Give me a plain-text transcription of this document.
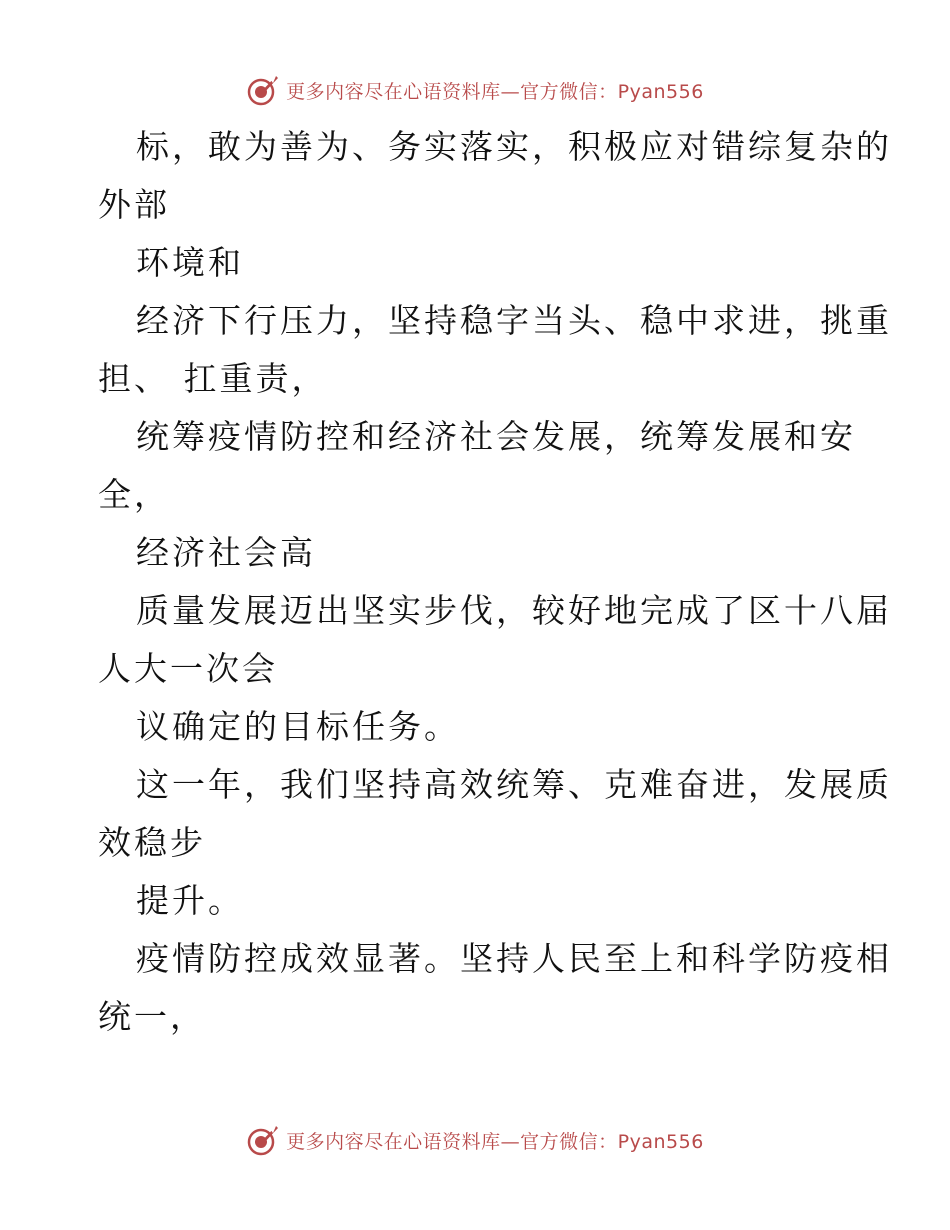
更多内容尽在心语资料库—官方微信：Pyan556

标，敢为善为、务实落实，积极应对错综复杂的

外部

环境和

经济下行压力，坚持稳字当头、稳中求进，挑重

担、 扛重责，

统筹疫情防控和经济社会发展，统筹发展和安

全，

经济社会高

质量发展迈出坚实步伐，较好地完成了区十八届

人大一次会

议确定的目标任务。

这一年，我们坚持高效统筹、克难奋进，发展质

效稳步

提升。

疫情防控成效显著。坚持人民至上和科学防疫相

统一，

更多内容尽在心语资料库—官方微信：Pyan556
